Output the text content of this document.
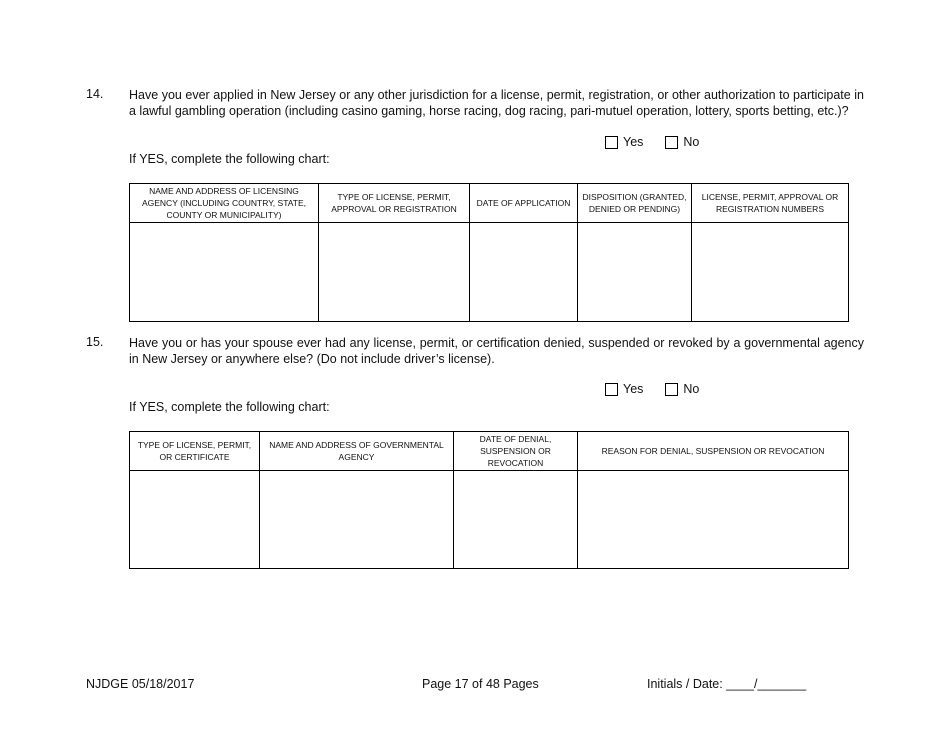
14. Have you ever applied in New Jersey or any other jurisdiction for a license, permit, registration, or other authorization to participate in a lawful gambling operation (including casino gaming, horse racing, dog racing, pari-mutuel operation, lottery, sports betting, etc.)?
Yes	No
If YES, complete the following chart:
NAME AND ADDRESS OF LICENSING AGENCY (INCLUDING COUNTRY, STATE, COUNTY OR MUNICIPALITY)	TYPE OF LICENSE, PERMIT, APPROVAL OR REGISTRATION	DATE OF APPLICATION	DISPOSITION (GRANTED, DENIED OR PENDING)	LICENSE, PERMIT, APPROVAL OR REGISTRATION NUMBERS

15. Have you or has your spouse ever had any license, permit, or certification denied, suspended or revoked by a governmental agency in New Jersey or anywhere else? (Do not include driver’s license).
Yes	No
If YES, complete the following chart:
TYPE OF LICENSE, PERMIT, OR CERTIFICATE	NAME AND ADDRESS OF GOVERNMENTAL AGENCY	DATE OF DENIAL, SUSPENSION OR REVOCATION	REASON FOR DENIAL, SUSPENSION OR REVOCATION

NJDGE 05/18/2017	Page 17 of 48 Pages	Initials / Date: ____/_______
